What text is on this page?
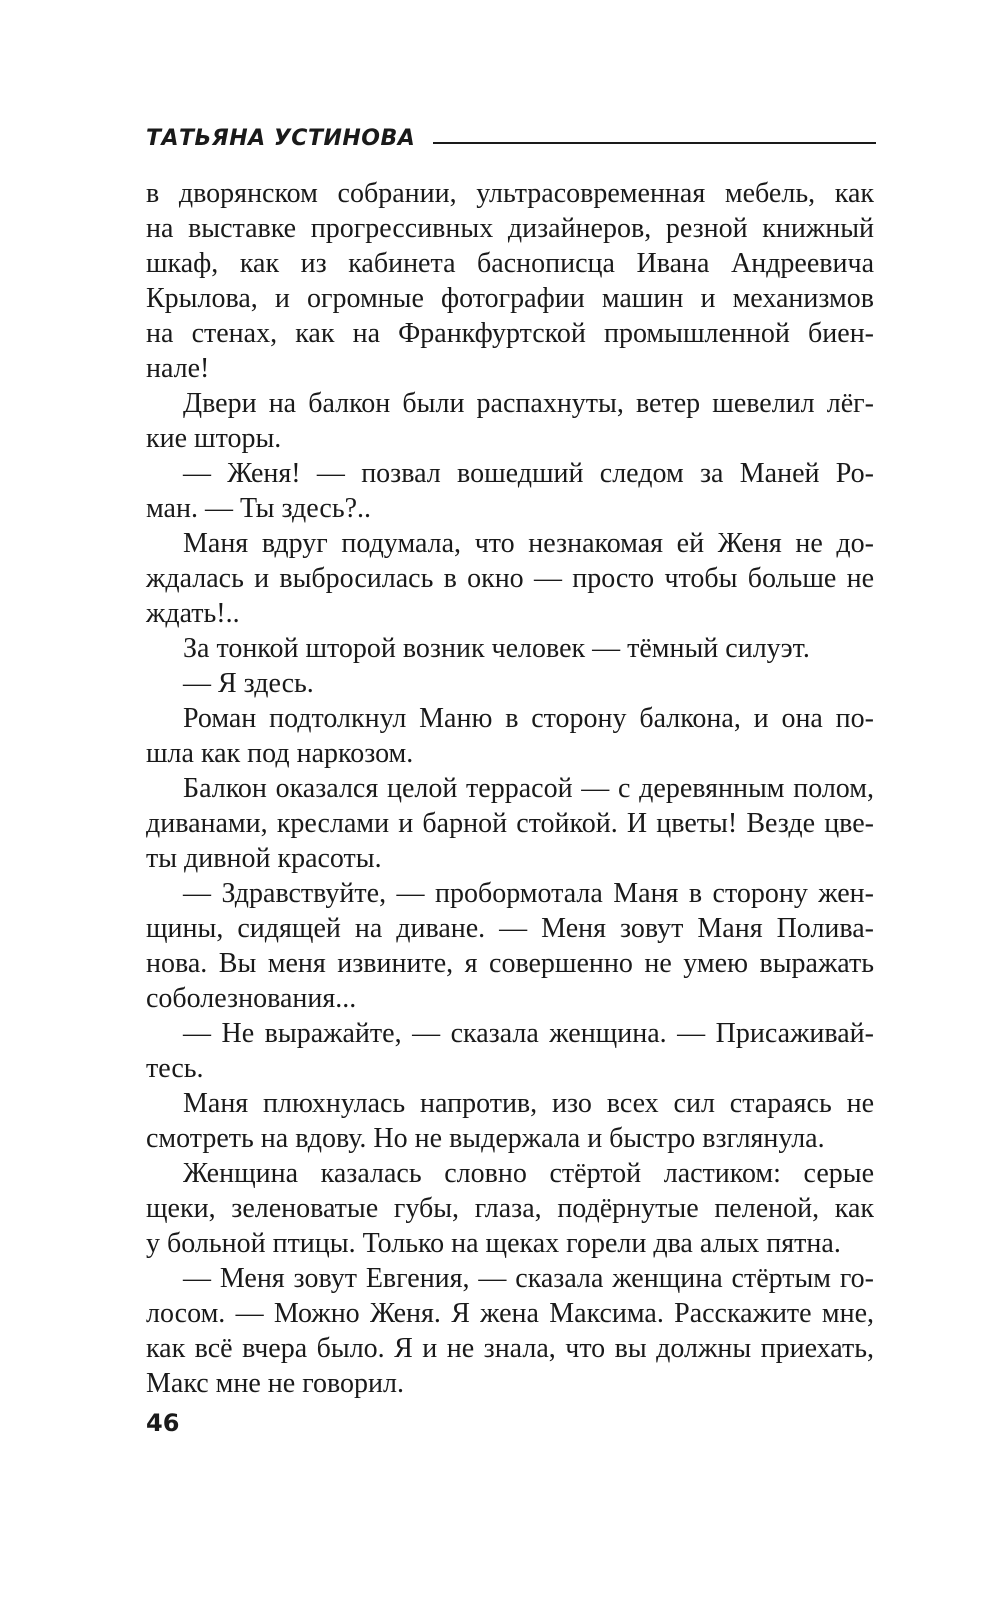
ТАТЬЯНА УСТИНОВА
в дворянском собрании, ультрасовременная мебель, как
на выставке прогрессивных дизайнеров, резной книжный
шкаф, как из кабинета баснописца Ивана Андреевича
Крылова, и огромные фотографии машин и механизмов
на стенах, как на Франкфуртской промышленной биен-
нале!
Двери на балкон были распахнуты, ветер шевелил лёг-
кие шторы.
— Женя! — позвал вошедший следом за Маней Ро-
ман. — Ты здесь?..
Маня вдруг подумала, что незнакомая ей Женя не до-
ждалась и выбросилась в окно — просто чтобы больше не
ждать!..
За тонкой шторой возник человек — тёмный силуэт.
— Я здесь.
Роман подтолкнул Маню в сторону балкона, и она по-
шла как под наркозом.
Балкон оказался целой террасой — с деревянным полом,
диванами, креслами и барной стойкой. И цветы! Везде цве-
ты дивной красоты.
— Здравствуйте, — пробормотала Маня в сторону жен-
щины, сидящей на диване. — Меня зовут Маня Полива-
нова. Вы меня извините, я совершенно не умею выражать
соболезнования...
— Не выражайте, — сказала женщина. — Присаживай-
тесь.
Маня плюхнулась напротив, изо всех сил стараясь не
смотреть на вдову. Но не выдержала и быстро взглянула.
Женщина казалась словно стёртой ластиком: серые
щеки, зеленоватые губы, глаза, подёрнутые пеленой, как
у больной птицы. Только на щеках горели два алых пятна.
— Меня зовут Евгения, — сказала женщина стёртым го-
лосом. — Можно Женя. Я жена Максима. Расскажите мне,
как всё вчера было. Я и не знала, что вы должны приехать,
Макс мне не говорил.
46
